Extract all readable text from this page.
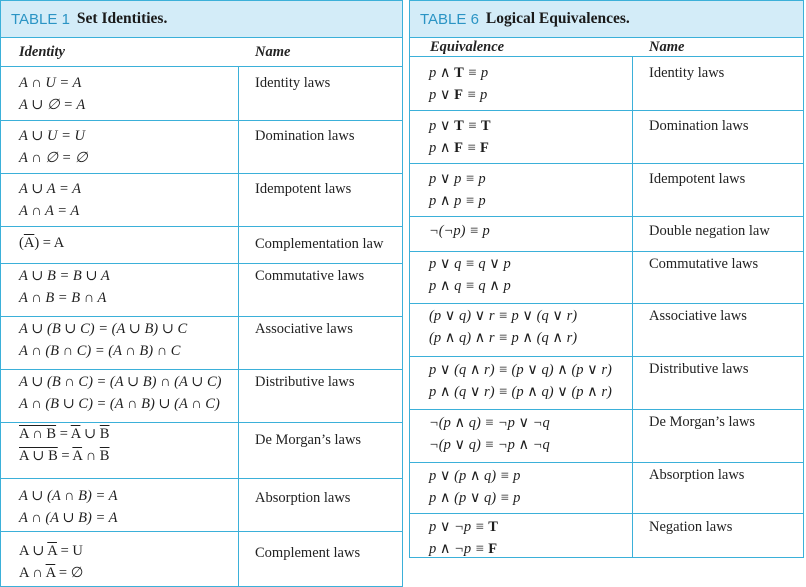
TABLE 1 Set Identities.
Identity	Name
Identity laws
A ∩ U = A
A ∪ ∅ = A
Domination laws
A ∪ U = U
A ∩ ∅ = ∅
Idempotent laws
A ∪ A = A
A ∩ A = A
Complementation law
$(\overline{A}) = A$
Commutative laws
A ∪ B = B ∪ A
A ∩ B = B ∩ A
Associative laws
A ∪ (B ∪ C) = (A ∪ B) ∪ C
A ∩ (B ∩ C) = (A ∩ B) ∩ C
Distributive laws
A ∪ (B ∩ C) = (A ∪ B) ∩ (A ∪ C)
A ∩ (B ∪ C) = (A ∩ B) ∪ (A ∩ C)
De Morgan’s laws
A ∩ $B = \overline{A}$ ∪ $\overline{B}$
A ∪ $B = \overline{A}$ ∩ $\overline{B}$
Absorption laws
A ∪ (A ∩ B) = A
A ∩ (A ∪ B) = A
Complement laws
A ∪ $\overline{A} = U$
A ∩ $\overline{A}$ = ∅
TABLE 6 Logical Equivalences.
Equivalence	Name
Identity laws
p ∧ T ≡ p
p ∨ F ≡ p
Domination laws
p ∨ T ≡ T
p ∧ F ≡ F
Idempotent laws
p ∨ p ≡ p
p ∧ p ≡ p
Double negation law
¬(¬p) ≡ p
Commutative laws
p ∨ q ≡ q ∨ p
p ∧ q ≡ q ∧ p
Associative laws
(p ∨ q) ∨ r ≡ p ∨ (q ∨ r)
(p ∧ q) ∧ r ≡ p ∧ (q ∧ r)
Distributive laws
p ∨ (q ∧ r) ≡ (p ∨ q) ∧ (p ∨ r)
p ∧ (q ∨ r) ≡ (p ∧ q) ∨ (p ∧ r)
De Morgan’s laws
¬(p ∧ q) ≡ ¬p ∨ ¬q
¬(p ∨ q) ≡ ¬p ∧ ¬q
Absorption laws
p ∨ (p ∧ q) ≡ p
p ∧ (p ∨ q) ≡ p
Negation laws
p ∨ ¬p ≡ T
p ∧ ¬p ≡ F
